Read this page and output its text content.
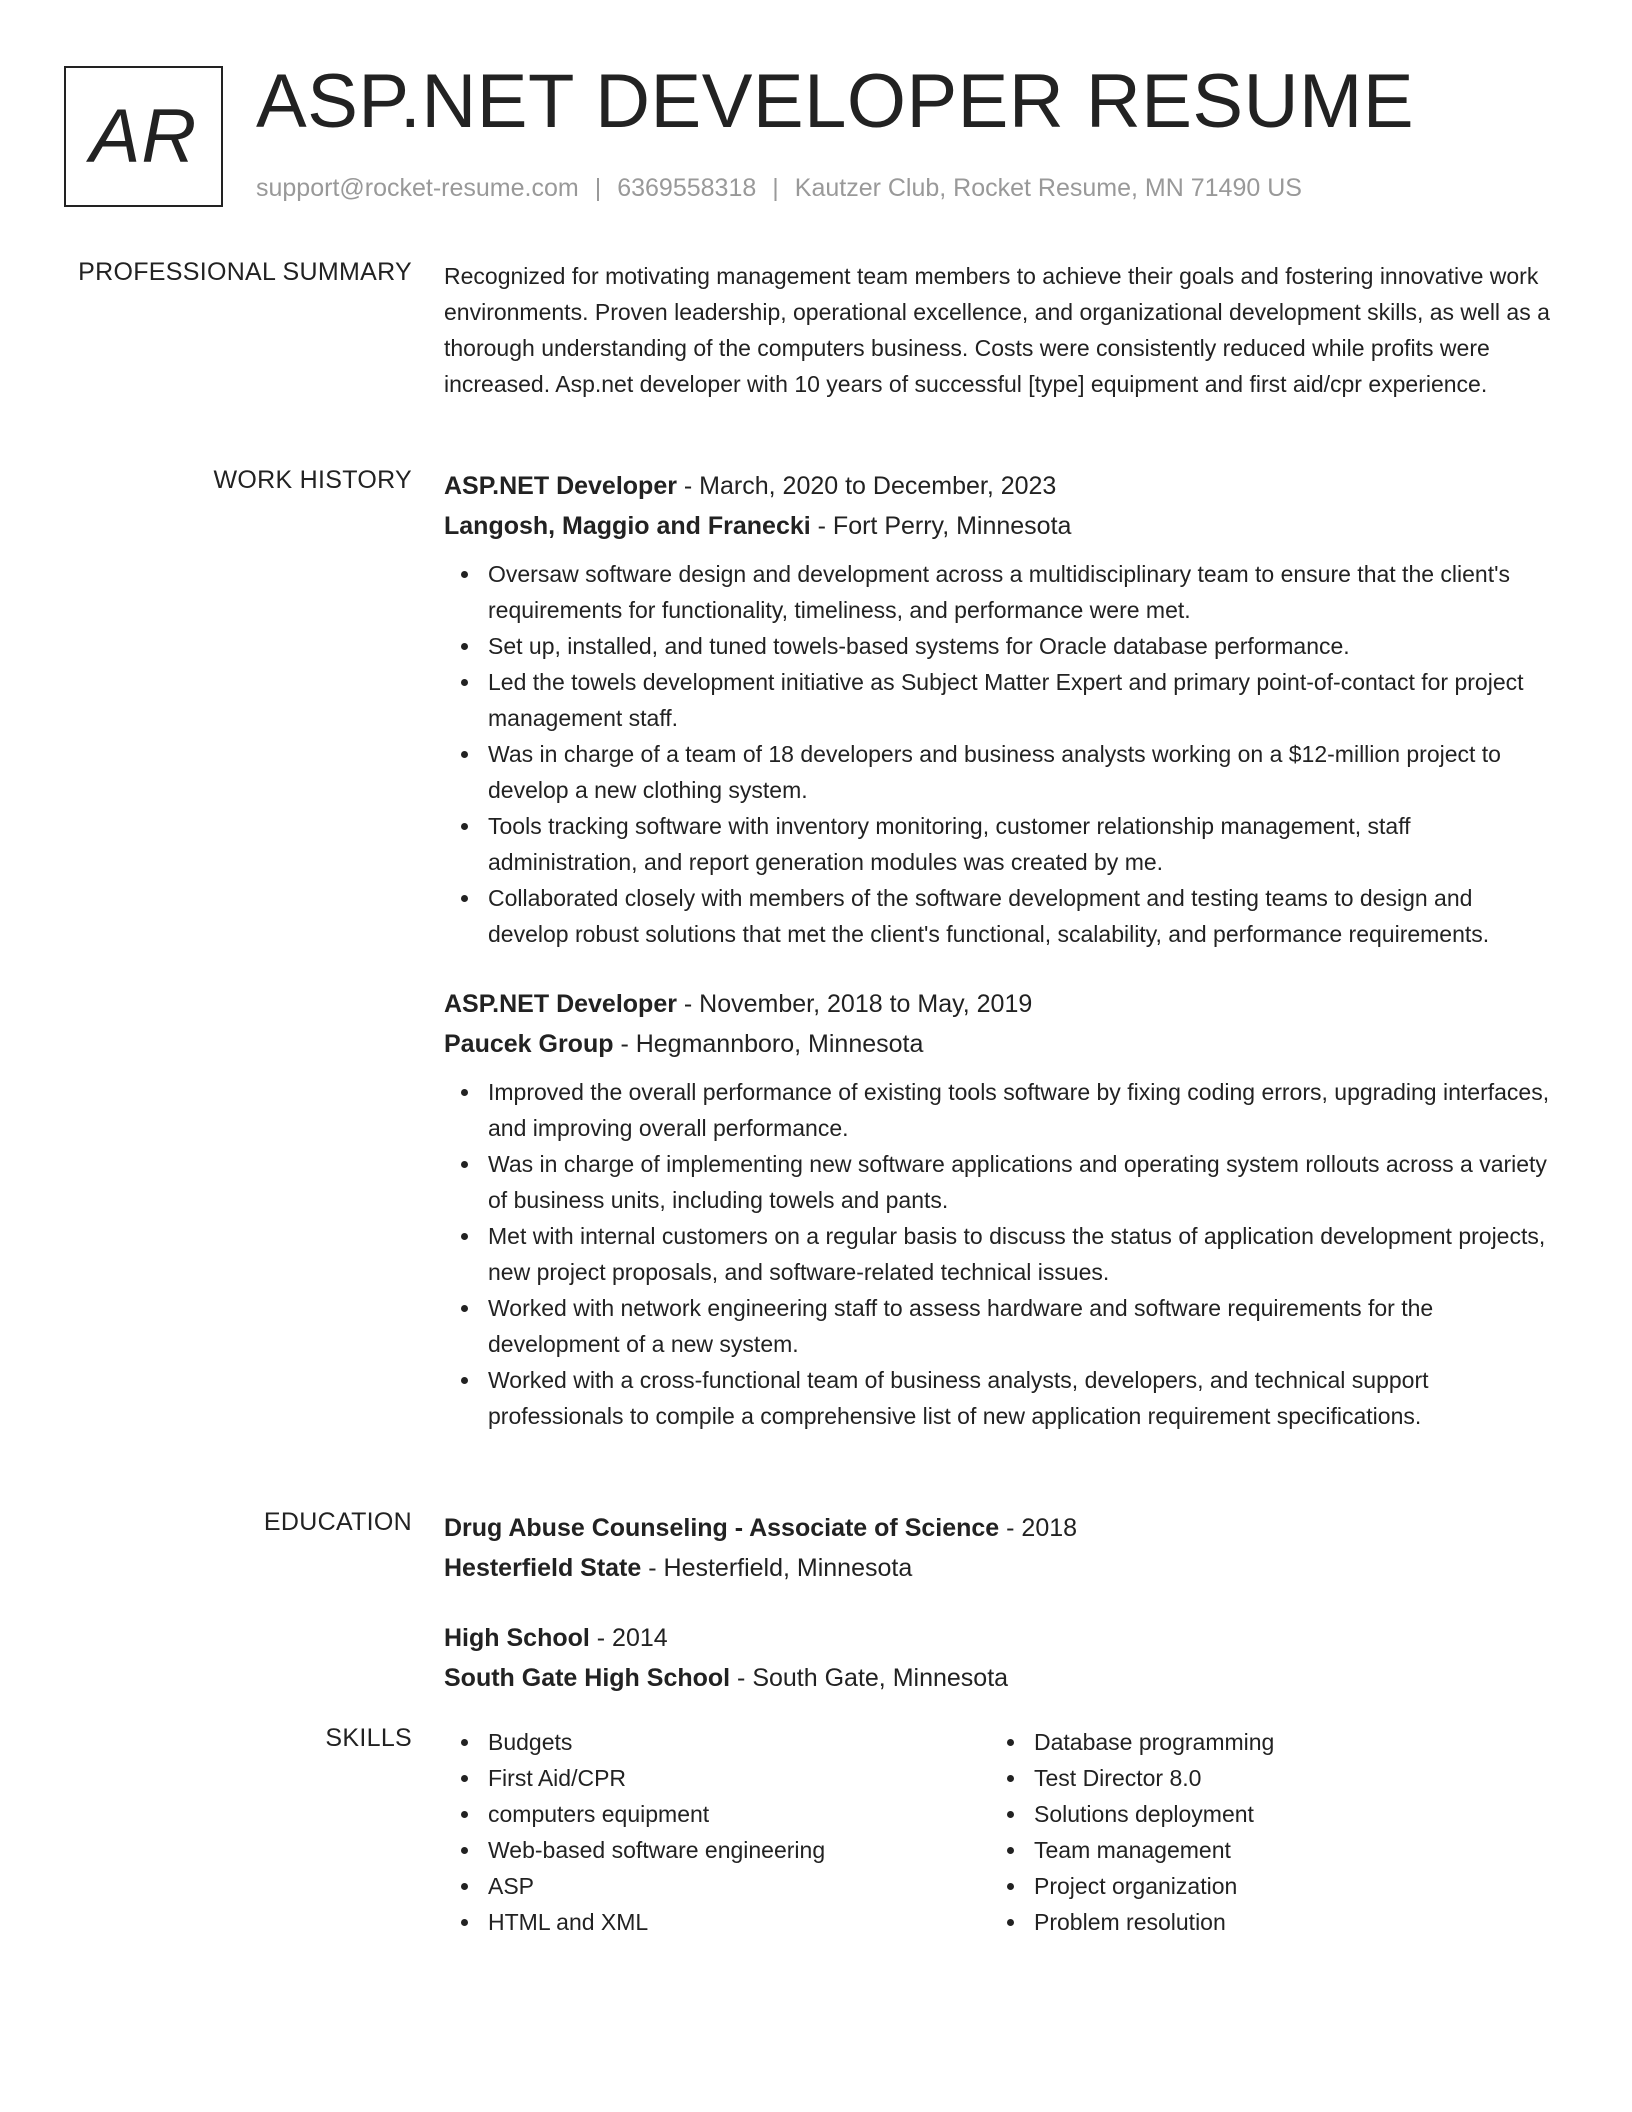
AR ASP.NET DEVELOPER RESUME
support@rocket-resume.com | 6369558318 | Kautzer Club, Rocket Resume, MN 71490 US
PROFESSIONAL SUMMARY Recognized for motivating management team members to achieve their goals and fostering innovative work environments. Proven leadership, operational excellence, and organizational development skills, as well as a thorough understanding of the computers business. Costs were consistently reduced while profits were increased. Asp.net developer with 10 years of successful [type] equipment and first aid/cpr experience.

WORK HISTORY ASP.NET Developer - March, 2020 to December, 2023
Langosh, Maggio and Franecki - Fort Perry, Minnesota
Oversaw software design and development across a multidisciplinary team to ensure that the client's requirements for functionality, timeliness, and performance were met.
Set up, installed, and tuned towels-based systems for Oracle database performance.
Led the towels development initiative as Subject Matter Expert and primary point-of-contact for project management staff.
Was in charge of a team of 18 developers and business analysts working on a $12-million project to develop a new clothing system.
Tools tracking software with inventory monitoring, customer relationship management, staff administration, and report generation modules was created by me.
Collaborated closely with members of the software development and testing teams to design and develop robust solutions that met the client's functional, scalability, and performance requirements.
ASP.NET Developer - November, 2018 to May, 2019
Paucek Group - Hegmannboro, Minnesota
Improved the overall performance of existing tools software by fixing coding errors, upgrading interfaces, and improving overall performance.
Was in charge of implementing new software applications and operating system rollouts across a variety of business units, including towels and pants.
Met with internal customers on a regular basis to discuss the status of application development projects, new project proposals, and software-related technical issues.
Worked with network engineering staff to assess hardware and software requirements for the development of a new system.
Worked with a cross-functional team of business analysts, developers, and technical support professionals to compile a comprehensive list of new application requirement specifications.
EDUCATION Drug Abuse Counseling - Associate of Science - 2018
Hesterfield State - Hesterfield, Minnesota
High School - 2014
South Gate High School - South Gate, Minnesota
SKILLS	Budgets
First Aid/CPR
computers equipment
Web-based software engineering
ASP
HTML and XML
Database programming
Test Director 8.0
Solutions deployment
Team management
Project organization
Problem resolution
